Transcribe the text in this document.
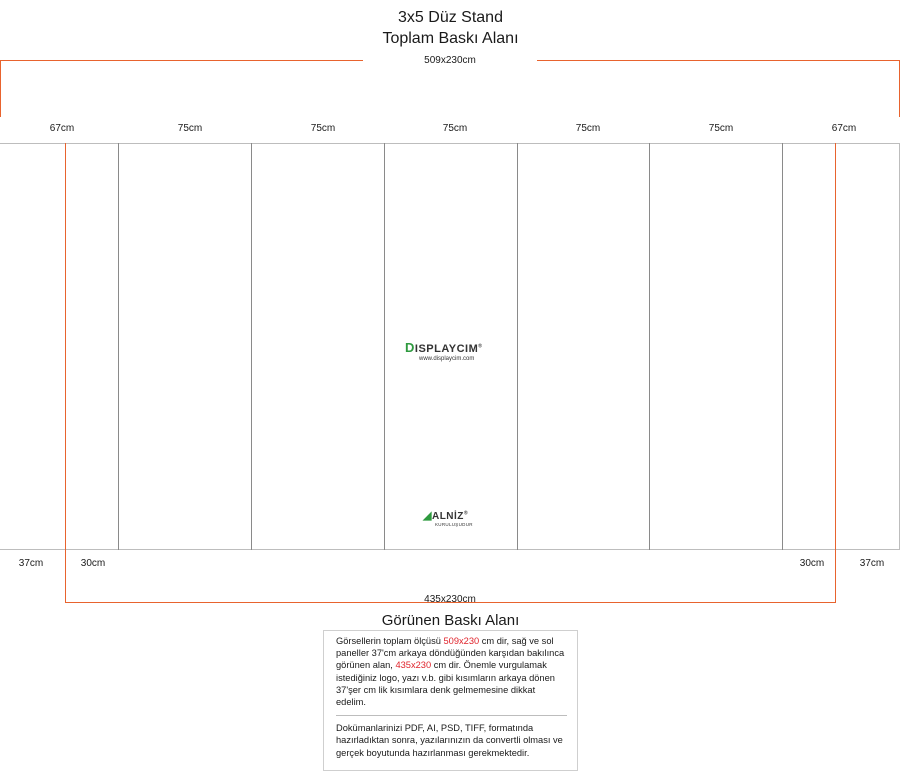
3x5 Düz Stand
Toplam Baskı Alanı
509x230cm
67cm	75cm	75cm	75cm	75cm	75cm	67cm
37cm	30cm	30cm	37cm
435x230cm
Görünen Baskı Alanı
DISPLAYCIM®
www.displaycim.com
◢ALNİZ®
KURULUŞUDUR
Görsellerin toplam ölçüsü 509x230 cm dir, sağ ve sol paneller 37'cm arkaya döndüğünden karşıdan bakılınca görünen alan, 435x230 cm dir. Önemle vurgulamak istediğiniz logo, yazı v.b. gibi kısımların arkaya dönen 37'şer cm lik kısımlara denk gelmemesine dikkat edelim.
Dokümanlarinizi PDF, AI, PSD, TIFF, formatında hazırladıktan sonra, yazılarınızın da convertli olması ve gerçek boyutunda hazırlanması gerekmektedir.
